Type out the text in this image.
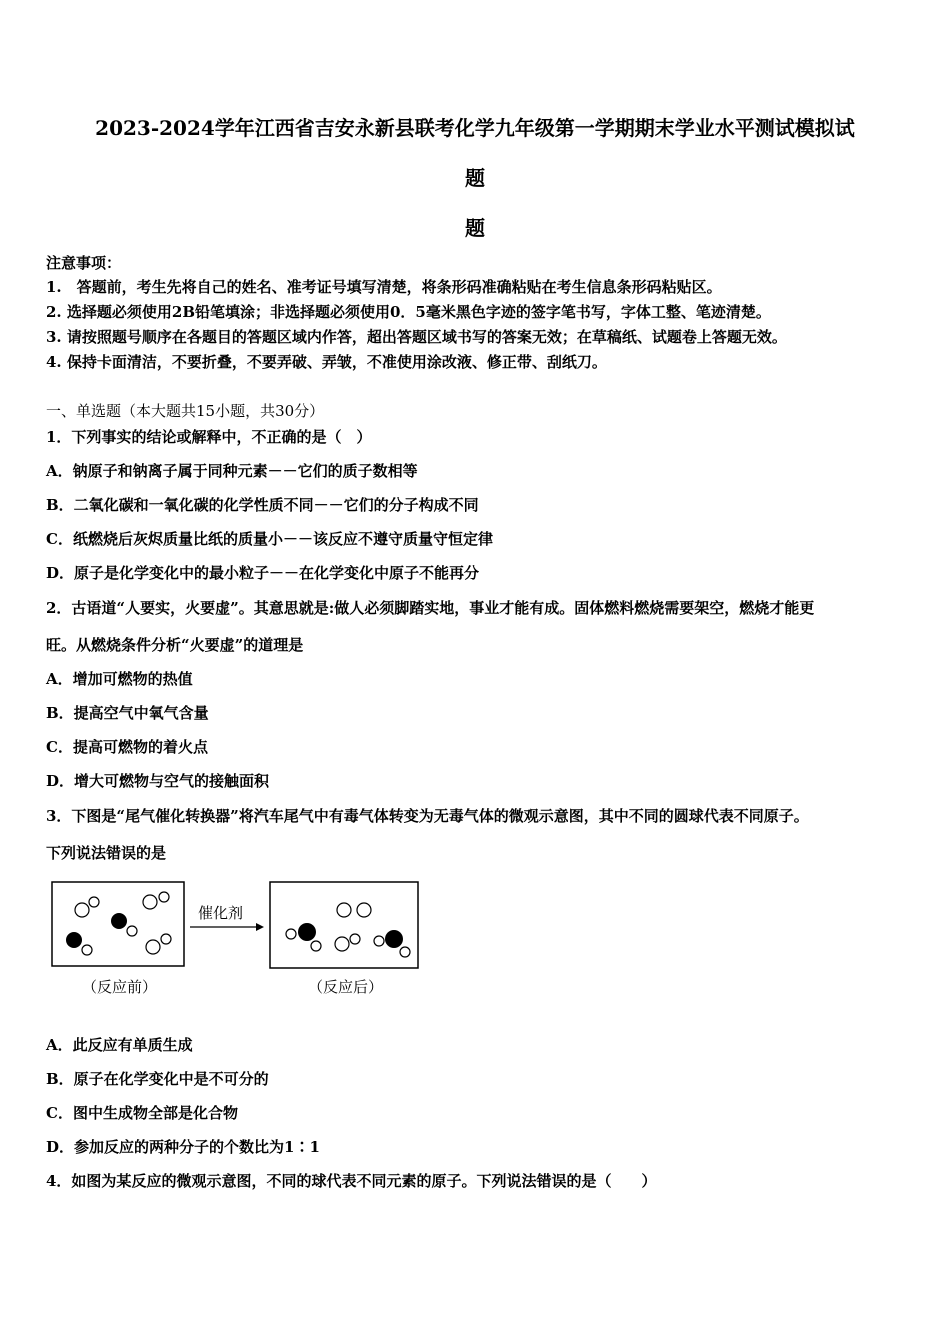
2023-2024学年江西省吉安永新县联考化学九年级第一学期期末学业水平测试模拟试
题
题
注意事项：
1.　答题前，考生先将自己的姓名、准考证号填写清楚，将条形码准确粘贴在考生信息条形码粘贴区。
2. 选择题必须使用2B铅笔填涂；非选择题必须使用0．5毫米黑色字迹的签字笔书写，字体工整、笔迹清楚。
3. 请按照题号顺序在各题目的答题区域内作答，超出答题区域书写的答案无效；在草稿纸、试题卷上答题无效。
4. 保持卡面清洁，不要折叠，不要弄破、弄皱，不准使用涂改液、修正带、刮纸刀。
一、单选题（本大题共15小题，共30分）
1．下列事实的结论或解释中，不正确的是（　）
A．钠原子和钠离子属于同种元素－－它们的质子数相等
B．二氧化碳和一氧化碳的化学性质不同－－它们的分子构成不同
C．纸燃烧后灰烬质量比纸的质量小－－该反应不遵守质量守恒定律
D．原子是化学变化中的最小粒子－－在化学变化中原子不能再分
2．古语道“人要实，火要虚”。其意思就是:做人必须脚踏实地，事业才能有成。固体燃料燃烧需要架空，燃烧才能更
旺。从燃烧条件分析“火要虚”的道理是
A．增加可燃物的热值
B．提高空气中氧气含量
C．提高可燃物的着火点
D．增大可燃物与空气的接触面积
3．下图是“尾气催化转换器”将汽车尾气中有毒气体转变为无毒气体的微观示意图，其中不同的圆球代表不同原子。
下列说法错误的是
催化剂
（反应前）	（反应后）
A．此反应有单质生成
B．原子在化学变化中是不可分的
C．图中生成物全部是化合物
D．参加反应的两种分子的个数比为1∶1
4．如图为某反应的微观示意图，不同的球代表不同元素的原子。下列说法错误的是（　　）
